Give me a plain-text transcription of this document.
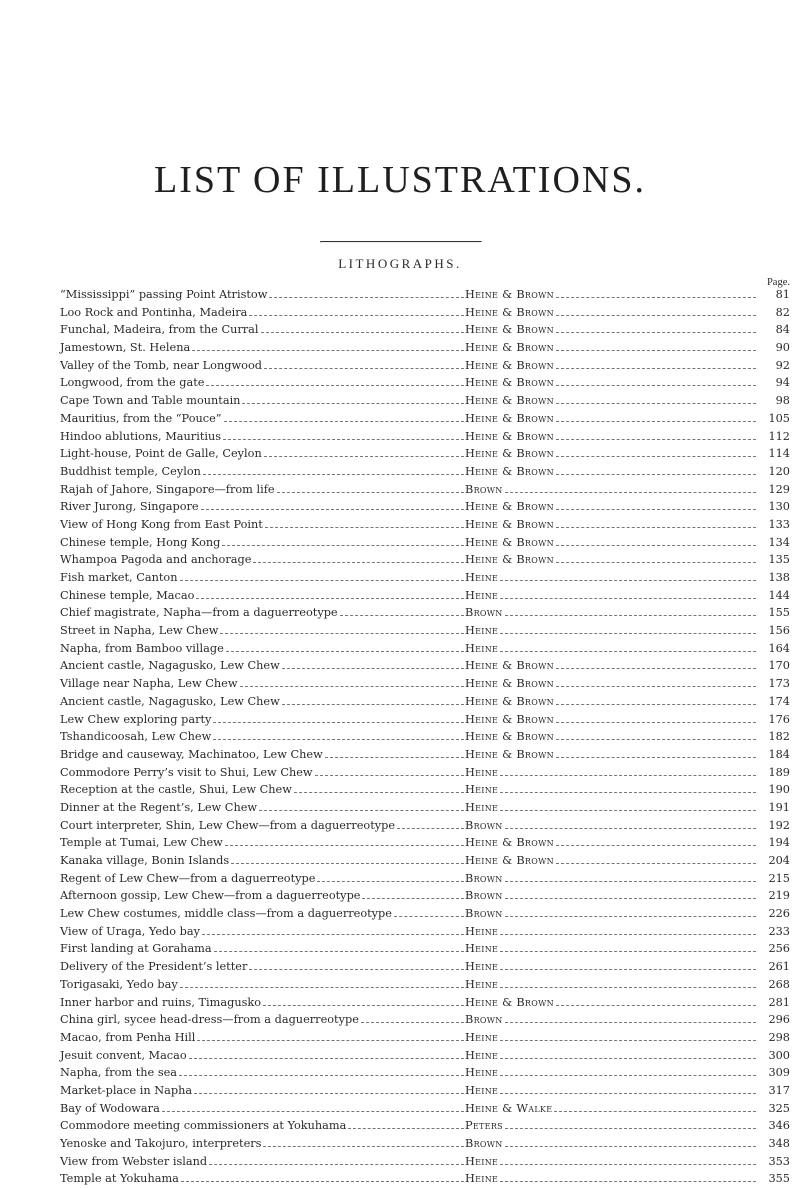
LIST OF ILLUSTRATIONS.
LITHOGRAPHS.
Page.
“Mississippi” passing Point Atristow	Heine & Brown	81
Loo Rock and Pontinha, Madeira	Heine & Brown	82
Funchal, Madeira, from the Curral	Heine & Brown	84
Jamestown, St. Helena	Heine & Brown	90
Valley of the Tomb, near Longwood	Heine & Brown	92
Longwood, from the gate	Heine & Brown	94
Cape Town and Table mountain	Heine & Brown	98
Mauritius, from the “Pouce”	Heine & Brown	105
Hindoo ablutions, Mauritius	Heine & Brown	112
Light-house, Point de Galle, Ceylon	Heine & Brown	114
Buddhist temple, Ceylon	Heine & Brown	120
Rajah of Jahore, Singapore—from life	Brown	129
River Jurong, Singapore	Heine & Brown	130
View of Hong Kong from East Point	Heine & Brown	133
Chinese temple, Hong Kong	Heine & Brown	134
Whampoa Pagoda and anchorage	Heine & Brown	135
Fish market, Canton	Heine	138
Chinese temple, Macao	Heine	144
Chief magistrate, Napha—from a daguerreotype	Brown	155
Street in Napha, Lew Chew	Heine	156
Napha, from Bamboo village	Heine	164
Ancient castle, Nagagusko, Lew Chew	Heine & Brown	170
Village near Napha, Lew Chew	Heine & Brown	173
Ancient castle, Nagagusko, Lew Chew	Heine & Brown	174
Lew Chew exploring party	Heine & Brown	176
Tshandicoosah, Lew Chew	Heine & Brown	182
Bridge and causeway, Machinatoo, Lew Chew	Heine & Brown	184
Commodore Perry’s visit to Shui, Lew Chew	Heine	189
Reception at the castle, Shui, Lew Chew	Heine	190
Dinner at the Regent’s, Lew Chew	Heine	191
Court interpreter, Shin, Lew Chew—from a daguerreotype	Brown	192
Temple at Tumai, Lew Chew	Heine & Brown	194
Kanaka village, Bonin Islands	Heine & Brown	204
Regent of Lew Chew—from a daguerreotype	Brown	215
Afternoon gossip, Lew Chew—from a daguerreotype	Brown	219
Lew Chew costumes, middle class—from a daguerreotype	Brown	226
View of Uraga, Yedo bay	Heine	233
First landing at Gorahama	Heine	256
Delivery of the President’s letter	Heine	261
Torigasaki, Yedo bay	Heine	268
Inner harbor and ruins, Timagusko	Heine & Brown	281
China girl, sycee head-dress—from a daguerreotype	Brown	296
Macao, from Penha Hill	Heine	298
Jesuit convent, Macao	Heine	300
Napha, from the sea	Heine	309
Market-place in Napha	Heine	317
Bay of Wodowara	Heine & Walke	325
Commodore meeting commissioners at Yokuhama	Peters	346
Yenoske and Takojuro, interpreters	Brown	348
View from Webster island	Heine	353
Temple at Yokuhama	Heine	355
